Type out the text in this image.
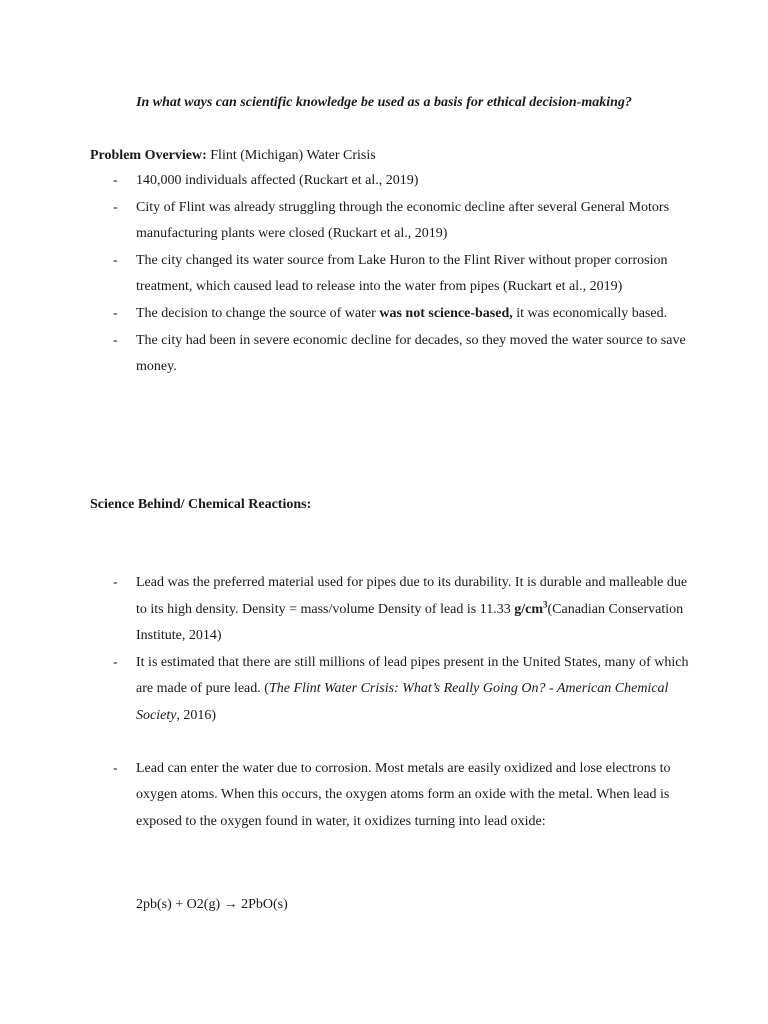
In what ways can scientific knowledge be used as a basis for ethical decision-making?
Problem Overview: Flint (Michigan) Water Crisis
- 140,000 individuals affected (Ruckart et al., 2019)
- City of Flint was already struggling through the economic decline after several General Motors manufacturing plants were closed (Ruckart et al., 2019)
- The city changed its water source from Lake Huron to the Flint River without proper corrosion treatment, which caused lead to release into the water from pipes (Ruckart et al., 2019)
- The decision to change the source of water was not science-based, it was economically based.
- The city had been in severe economic decline for decades, so they moved the water source to save money.
Science Behind/ Chemical Reactions:
- Lead was the preferred material used for pipes due to its durability. It is durable and malleable due to its high density. Density = mass/volume Density of lead is 11.33 $g/cm^3(Canadian$ Conservation Institute, 2014)
- It is estimated that there are still millions of lead pipes present in the United States, many of which are made of pure lead. (The Flint Water Crisis: What’s Really Going On? - American Chemical Society, 2016)
- Lead can enter the water due to corrosion. Most metals are easily oxidized and lose electrons to oxygen atoms. When this occurs, the oxygen atoms form an oxide with the metal. When lead is exposed to the oxygen found in water, it oxidizes turning into lead oxide:
2pb(s) + O2(g) → 2PbO(s)
